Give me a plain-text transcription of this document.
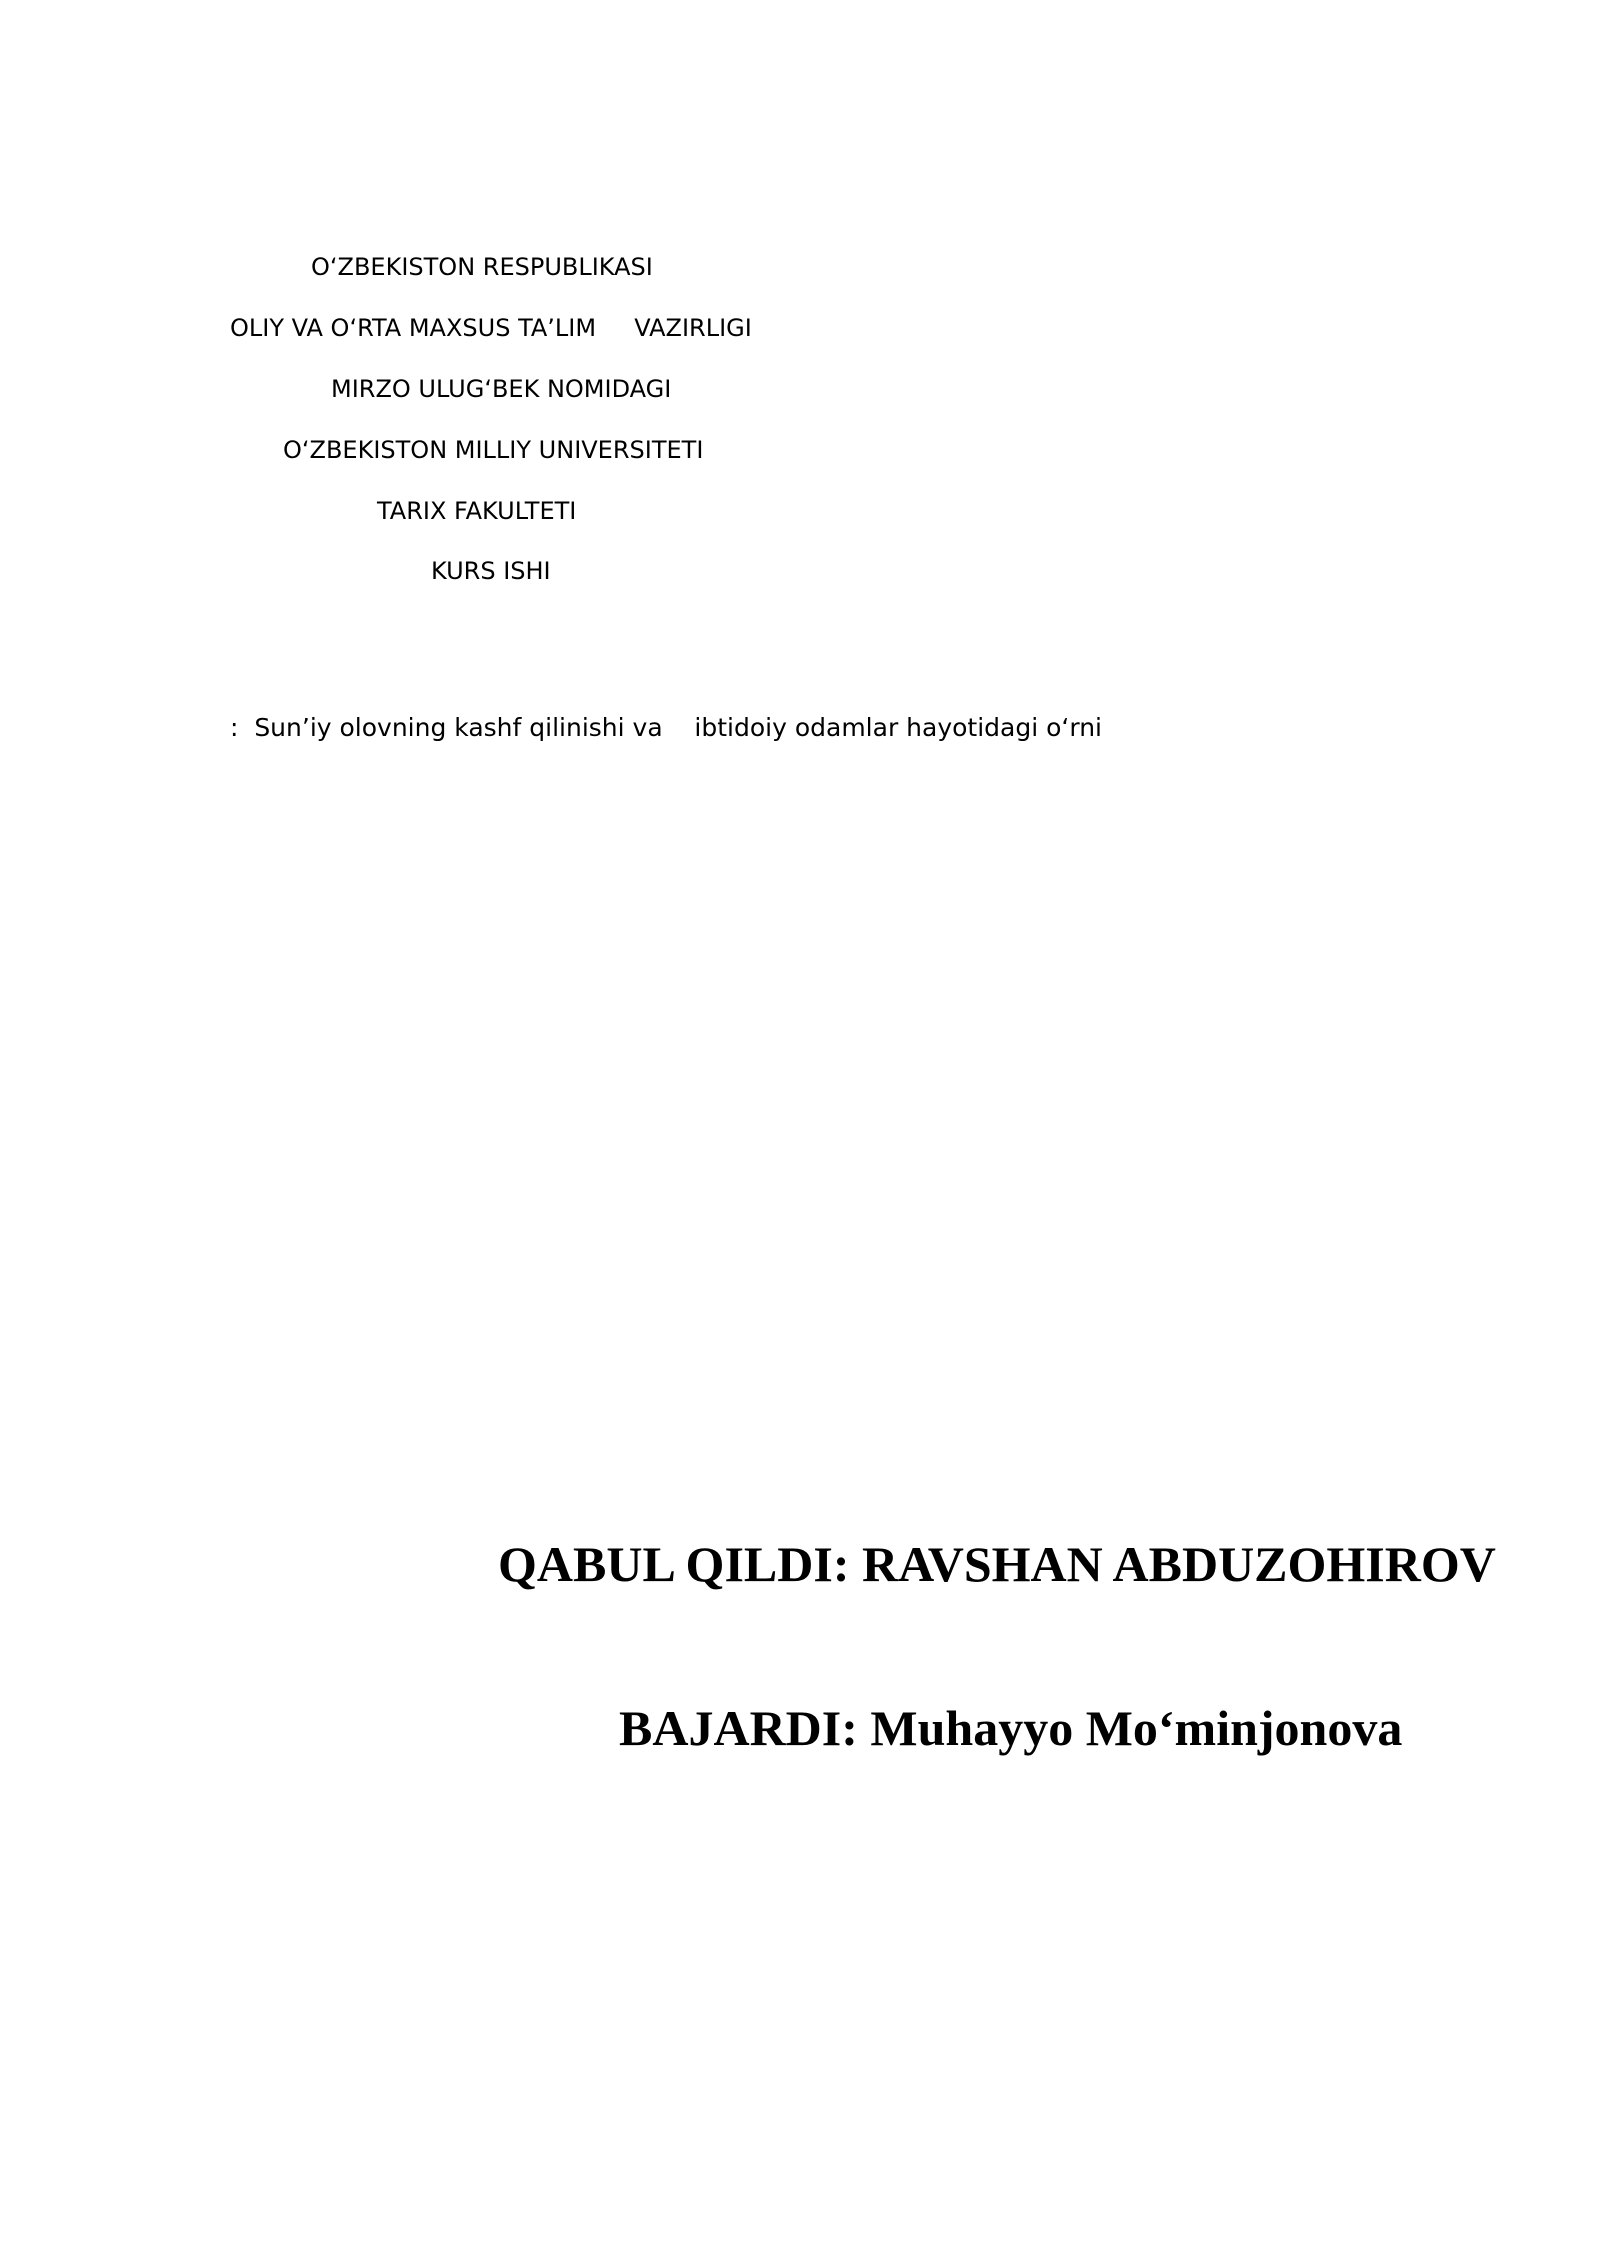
O‘ZBEKISTON RESPUBLIKASI
OLIY VA O‘RTA MAXSUS TA’LIM     VAZIRLIGI
MIRZO ULUG‘BEK NOMIDAGI
O‘ZBEKISTON MILLIY UNIVERSITETI
TARIX FAKULTETI
KURS ISHI
:  Sun’iy olovning kashf qilinishi va    ibtidoiy odamlar hayotidagi o‘rni
QABUL QILDI: RAVSHAN ABDUZOHIROV
BAJARDI: Muhayyo Mo‘minjonova
